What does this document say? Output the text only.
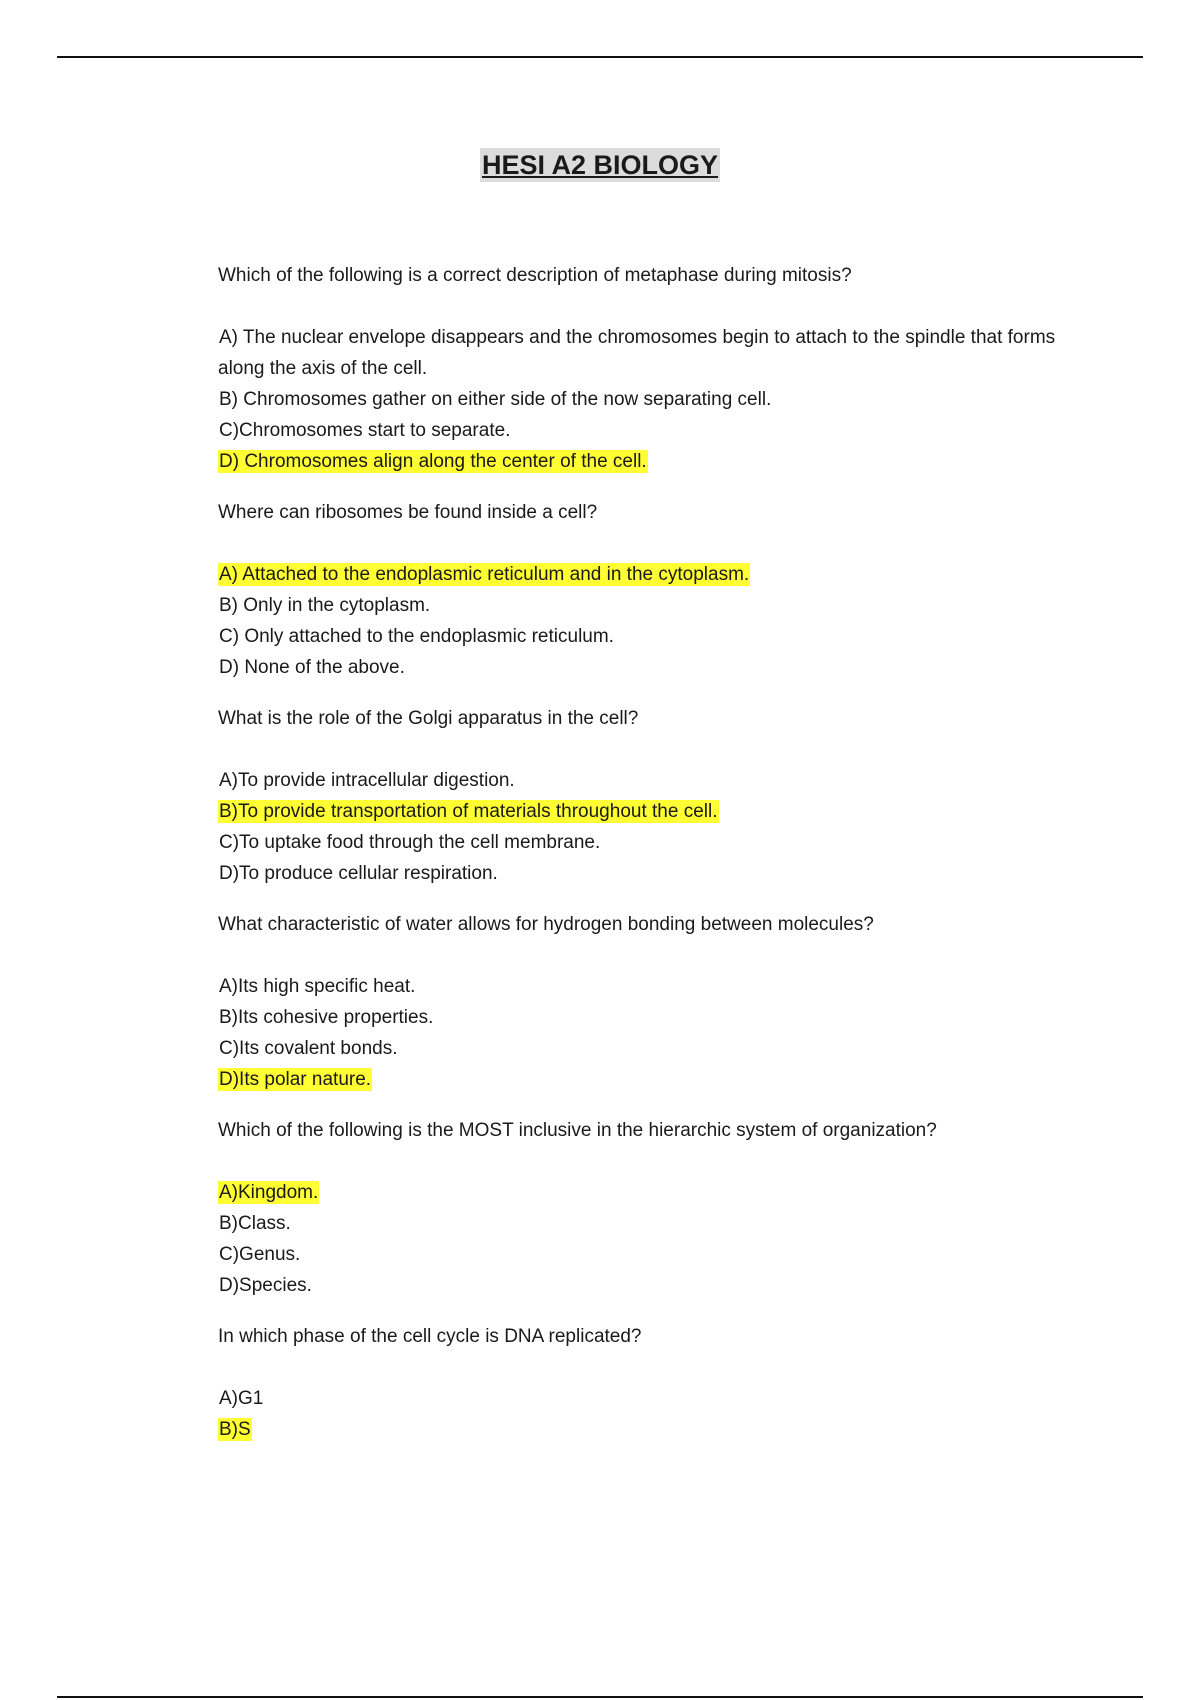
HESI A2 BIOLOGY

Which of the following is a correct description of metaphase during mitosis?

A) The nuclear envelope disappears and the chromosomes begin to attach to the spindle that forms along the axis of the cell.

B) Chromosomes gather on either side of the now separating cell.

C)Chromosomes start to separate.

D) Chromosomes align along the center of the cell.

Where can ribosomes be found inside a cell?

A) Attached to the endoplasmic reticulum and in the cytoplasm.

B) Only in the cytoplasm.

C) Only attached to the endoplasmic reticulum.

D) None of the above.

What is the role of the Golgi apparatus in the cell?

A)To provide intracellular digestion.

B)To provide transportation of materials throughout the cell.

C)To uptake food through the cell membrane.

D)To produce cellular respiration.

What characteristic of water allows for hydrogen bonding between molecules?

A)Its high specific heat.

B)Its cohesive properties.

C)Its covalent bonds.

D)Its polar nature.

Which of the following is the MOST inclusive in the hierarchic system of organization?

A)Kingdom.

B)Class.

C)Genus.

D)Species.

In which phase of the cell cycle is DNA replicated?

A)G1

B)S
